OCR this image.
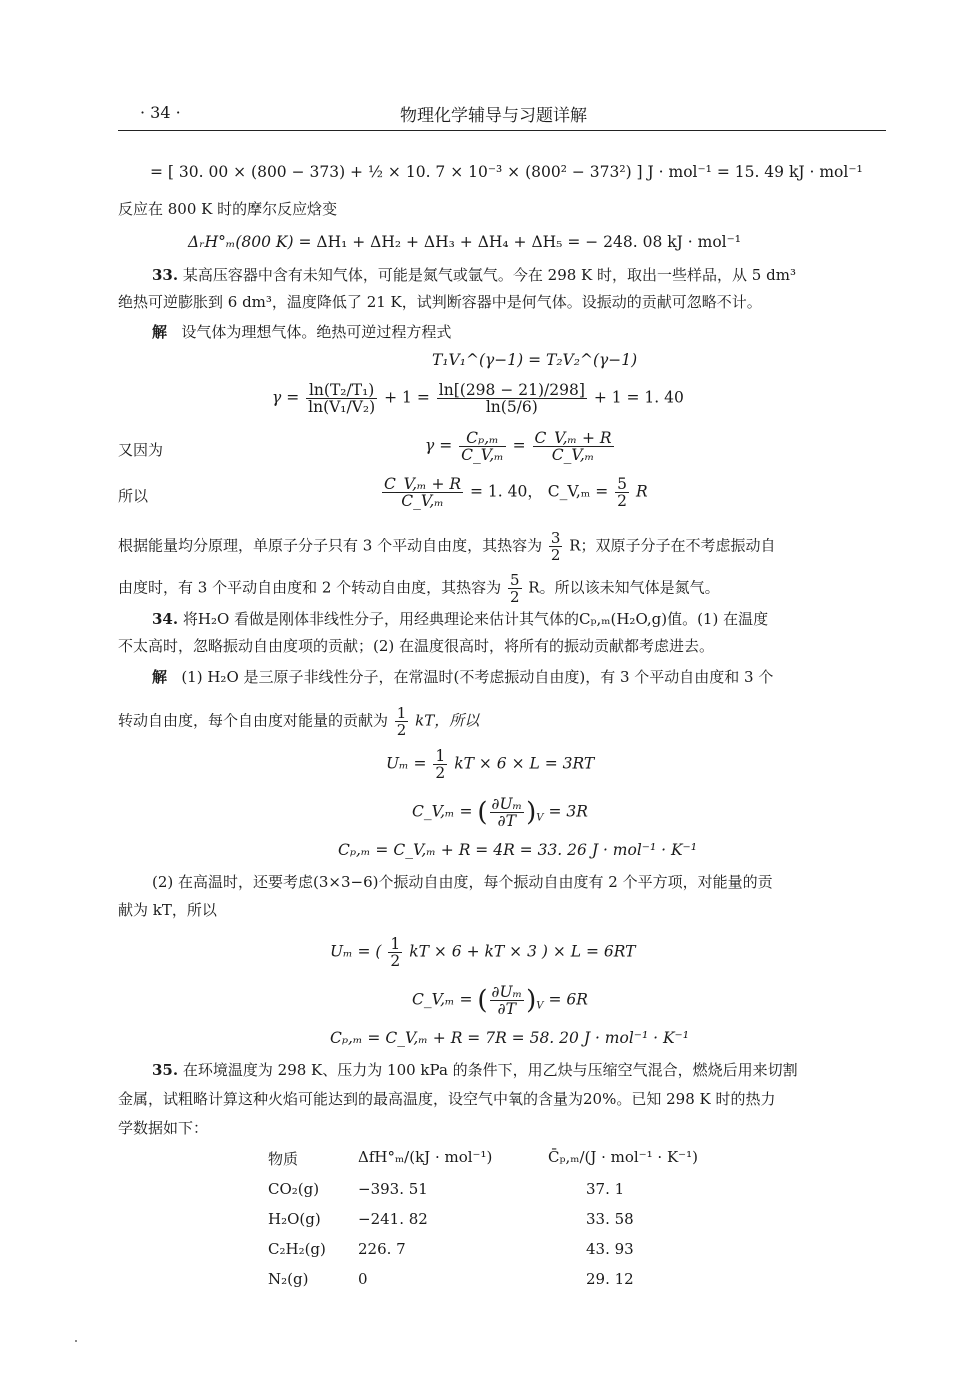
· 34 ·	物理化学辅导与习题详解
= [ 30. 00 × (800 − 373) + ½ × 10. 7 × 10⁻³ × (800² − 373²) ] J · mol⁻¹ = 15. 49 kJ · mol⁻¹
反应在 800 K 时的摩尔反应焓变
ΔᵣH°ₘ(800 K) = ΔH₁ + ΔH₂ + ΔH₃ + ΔH₄ + ΔH₅ = − 248. 08 kJ · mol⁻¹
33. 某高压容器中含有未知气体，可能是氮气或氩气。今在 298 K 时，取出一些样品，从 5 dm³
绝热可逆膨胀到 6 dm³，温度降低了 21 K，试判断容器中是何气体。设振动的贡献可忽略不计。
解 设气体为理想气体。绝热可逆过程方程式
T₁V₁^(γ−1) = T₂V₂^(γ−1)
$\gamma = \frac{\text{ln(T₂/T₁)}}{\text{ln(V₁/V₂)}} + 1 = \frac{\ln[(298 - 21)/298]}{\ln(5/6)} + 1 = 1$. 40
又因为	$\gamma = \frac{\text{Cₚ,ₘ}}{\text{C\_V,ₘ}} = \frac{\text{C\_V,ₘ + R}}{\text{C\_V,ₘ}}$
所以	$\frac{\text{C\_V,ₘ + R}}{\text{C\_V,ₘ}} = 1$. 40， C_V,ₘ = $\frac{5}{2}$ R
根据能量均分原理，单原子分子只有 3 个平动自由度，其热容为 $\frac{3}{2}$ R；双原子分子在不考虑振动自
由度时，有 3 个平动自由度和 2 个转动自由度，其热容为 $\frac{5}{2}$ R。所以该未知气体是氮气。
34. 将H₂O 看做是刚体非线性分子，用经典理论来估计其气体的Cₚ,ₘ(H₂O,g)值。(1) 在温度
不太高时，忽略振动自由度项的贡献；(2) 在温度很高时，将所有的振动贡献都考虑进去。
解 (1) H₂O 是三原子非线性分子，在常温时(不考虑振动自由度)，有 3 个平动自由度和 3 个
转动自由度，每个自由度对能量的贡献为 $\frac{1}{2}$ kT，所以
$U_m = \frac{1}{2}$ kT × 6 × L = 3RT
C_V,ₘ = ( $\frac{\text{∂Uₘ}}{\partial T} )_V = 3R$
Cₚ,ₘ = C_V,ₘ + R = 4R = 33. 26 J · mol⁻¹ · K⁻¹
(2) 在高温时，还要考虑(3×3−6)个振动自由度，每个振动自由度有 2 个平方项，对能量的贡
献为 kT，所以
Uₘ = ( $\frac{1}{2}$ kT × 6 + kT × 3 ) × L = 6RT
C_V,ₘ = ( $\frac{\text{∂Uₘ}}{\partial T} )_V = 6R$
Cₚ,ₘ = C_V,ₘ + R = 7R = 58. 20 J · mol⁻¹ · K⁻¹
35. 在环境温度为 298 K、压力为 100 kPa 的条件下，用乙炔与压缩空气混合，燃烧后用来切割
金属，试粗略计算这种火焰可能达到的最高温度，设空气中氧的含量为20%。已知 298 K 时的热力
学数据如下：
物质	ΔfH°ₘ/(kJ · mol⁻¹)	C̄ₚ,ₘ/(J · mol⁻¹ · K⁻¹)
CO₂(g)	−393. 51	37. 1
H₂O(g) −241. 82	33. 58
C₂H₂(g) 226. 7	43. 93
N₂(g)	0	29. 12
